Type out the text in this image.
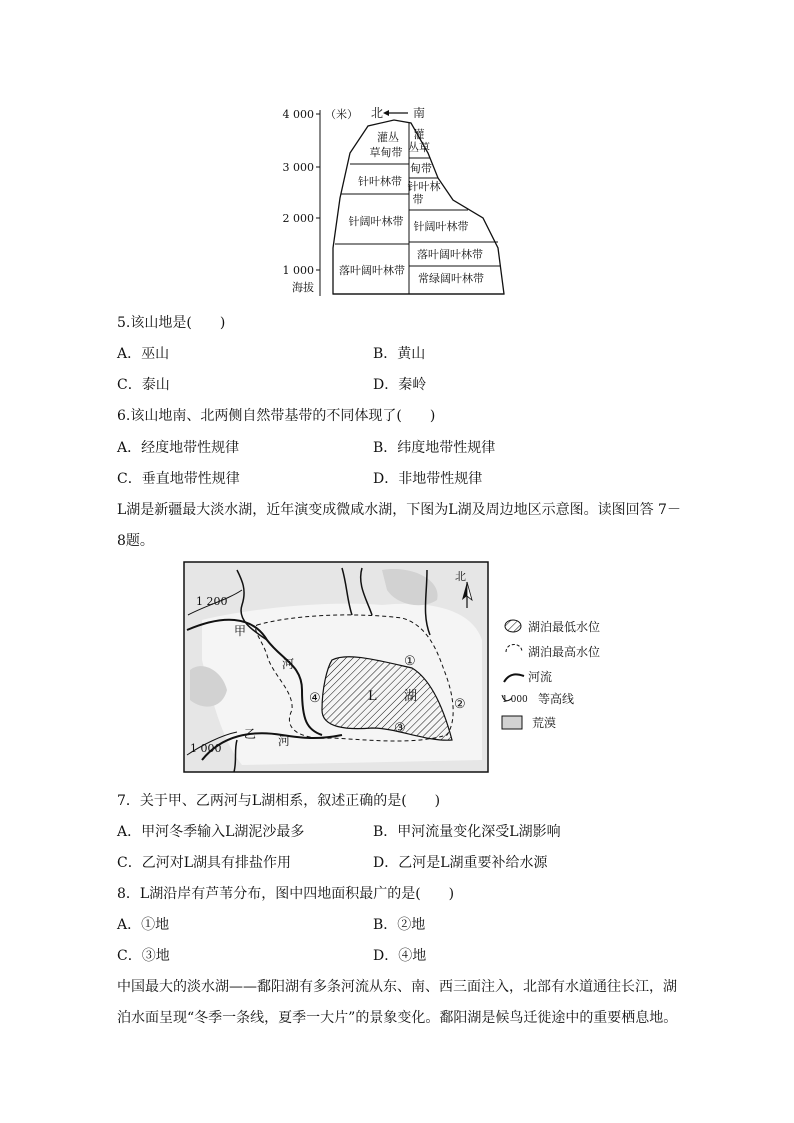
4 000
3 000
2 000
1 000
海拔
（米） 北 南
灌丛草甸带
针叶林带
针阔叶林带
落叶阔叶林带
灌丛草
甸带
针叶林带
针阔叶林带
落叶阔叶林带
常绿阔叶林带
5.该山地是(　　)
A．巫山	B．黄山
C．泰山	D．秦岭
6.该山地南、北两侧自然带基带的不同体现了(　　)
A．经度地带性规律	B．纬度地带性规律
C．垂直地带性规律	D．非地带性规律
L湖是新疆最大淡水湖，近年演变成微咸水湖，下图为L湖及周边地区示意图。读图回答 7－
8题。
1 200
1 000
甲
河
乙 河
L 湖
①
②
③
④
北
湖泊最低水位
湖泊最高水位
河流
1 000 等高线
荒漠
7．关于甲、乙两河与L湖相系，叙述正确的是(　　)
A．甲河冬季输入L湖泥沙最多	B．甲河流量变化深受L湖影响
C．乙河对L湖具有排盐作用	D．乙河是L湖重要补给水源
8．L湖沿岸有芦苇分布，图中四地面积最广的是(　　)
A．①地	B．②地
C．③地	D．④地
中国最大的淡水湖——鄱阳湖有多条河流从东、南、西三面注入，北部有水道通往长江，湖
泊水面呈现“冬季一条线，夏季一大片”的景象变化。鄱阳湖是候鸟迁徙途中的重要栖息地。
